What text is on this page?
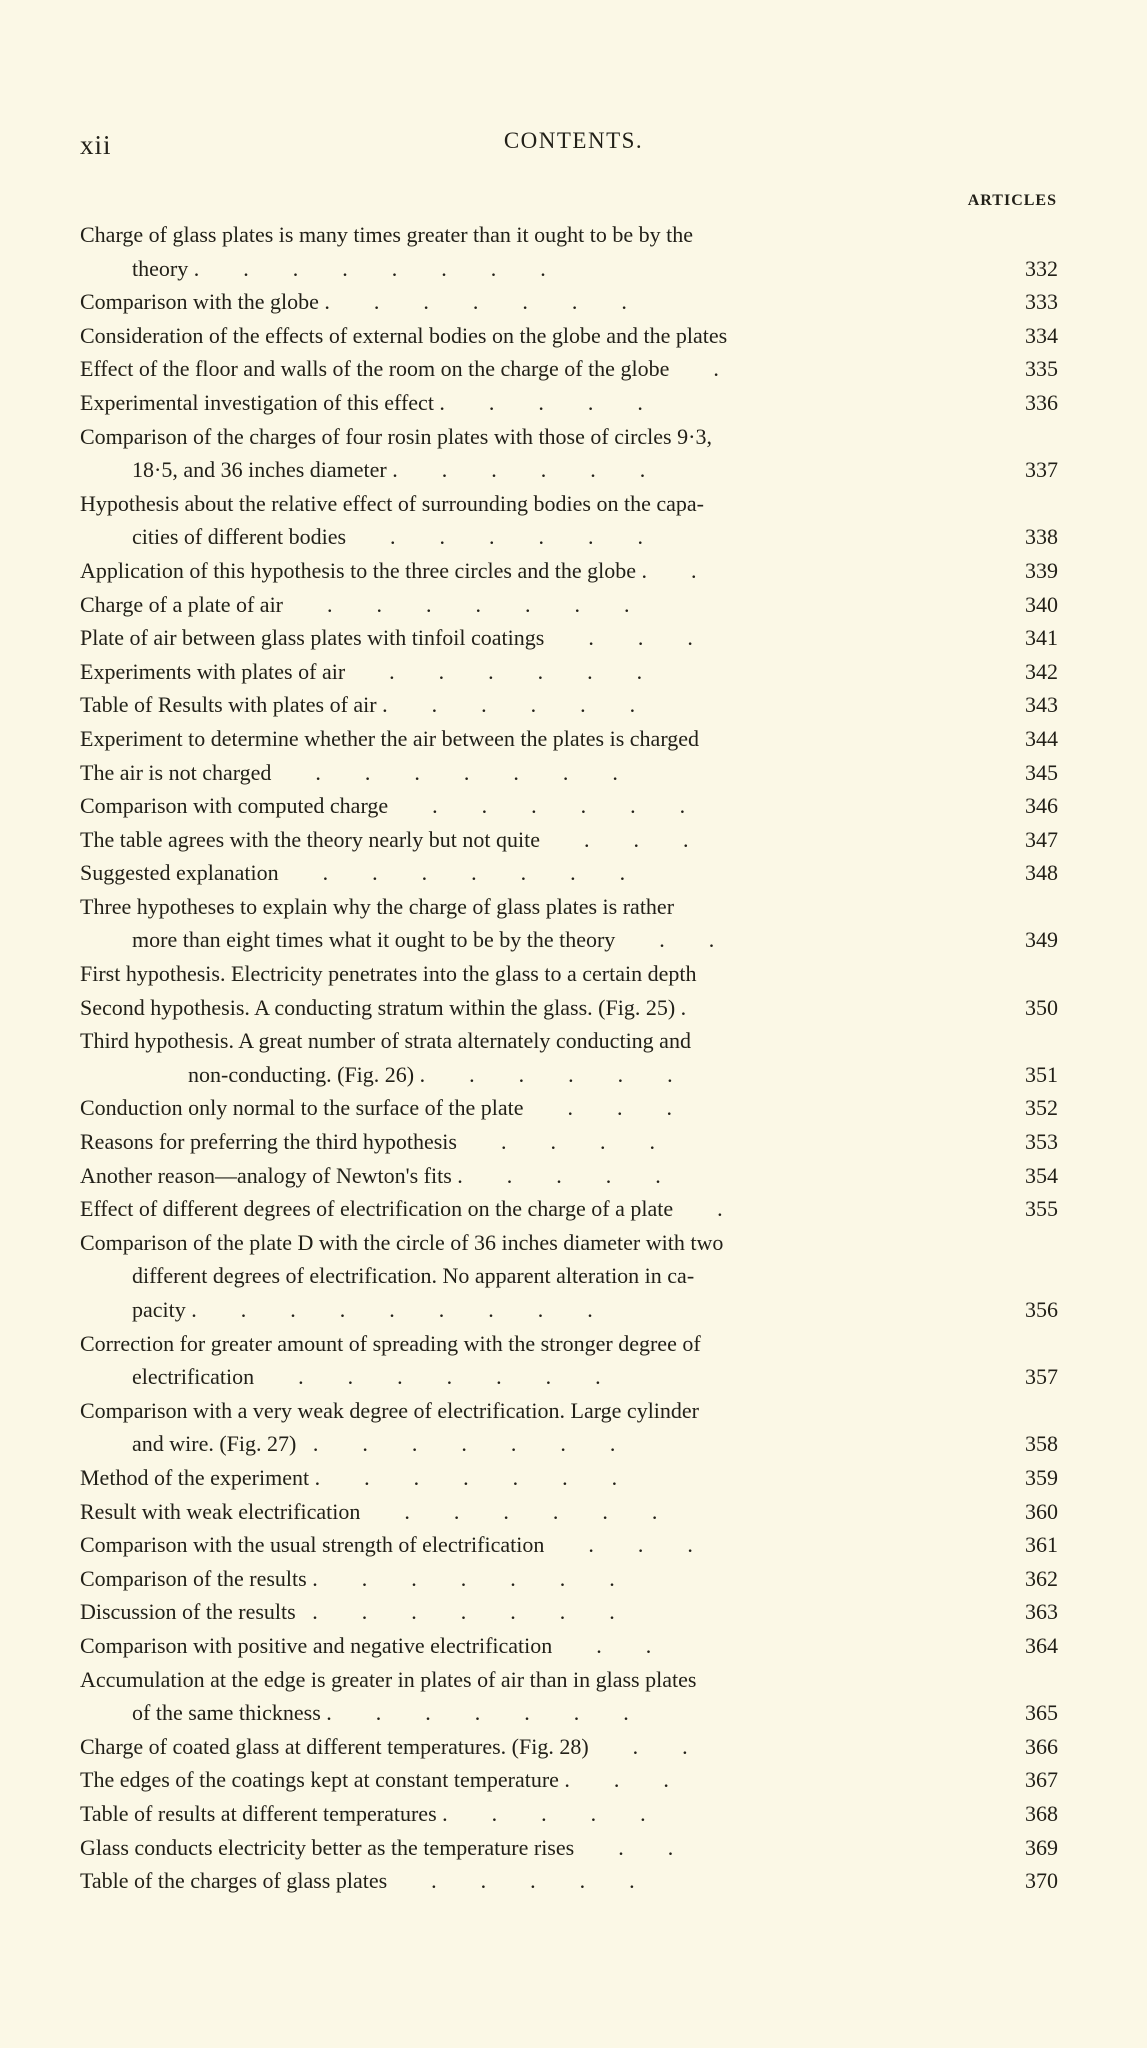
xii	CONTENTS.
ARTICLES
Charge of glass plates is many times greater than it ought to be by the
theory .        .        .        .        .        .        .        .	332
Comparison with the globe .        .        .        .        .        .        .	333
Consideration of the effects of external bodies on the globe and the plates	334
Effect of the floor and walls of the room on the charge of the globe        .	335
Experimental investigation of this effect .        .        .        .        .	336
Comparison of the charges of four rosin plates with those of circles 9·3,
18·5, and 36 inches diameter .        .        .        .        .        .	337
Hypothesis about the relative effect of surrounding bodies on the capa-
cities of different bodies        .        .        .        .        .        .	338
Application of this hypothesis to the three circles and the globe .        .	339
Charge of a plate of air        .        .        .        .        .        .        .	340
Plate of air between glass plates with tinfoil coatings        .        .        .	341
Experiments with plates of air        .        .        .        .        .        .	342
Table of Results with plates of air .        .        .        .        .        .	343
Experiment to determine whether the air between the plates is charged	344
The air is not charged        .        .        .        .        .        .        .	345
Comparison with computed charge        .        .        .        .        .        .	346
The table agrees with the theory nearly but not quite        .        .        .	347
Suggested explanation        .        .        .        .        .        .        .	348
Three hypotheses to explain why the charge of glass plates is rather
more than eight times what it ought to be by the theory        .        .	349
First hypothesis. Electricity penetrates into the glass to a certain depth
Second hypothesis. A conducting stratum within the glass. (Fig. 25) .	350
Third hypothesis. A great number of strata alternately conducting and
non-conducting. (Fig. 26) .        .        .        .        .        .	351
Conduction only normal to the surface of the plate        .        .        .	352
Reasons for preferring the third hypothesis        .        .        .        .	353
Another reason—analogy of Newton's fits .        .        .        .        .	354
Effect of different degrees of electrification on the charge of a plate        .	355
Comparison of the plate D with the circle of 36 inches diameter with two
different degrees of electrification. No apparent alteration in ca-
pacity .        .        .        .        .        .        .        .        .	356
Correction for greater amount of spreading with the stronger degree of
electrification        .        .        .        .        .        .        .	357
Comparison with a very weak degree of electrification. Large cylinder
and wire. (Fig. 27)   .        .        .        .        .        .        .	358
Method of the experiment .        .        .        .        .        .        .	359
Result with weak electrification        .        .        .        .        .        .	360
Comparison with the usual strength of electrification        .        .        .	361
Comparison of the results .        .        .        .        .        .        .	362
Discussion of the results   .        .        .        .        .        .        .	363
Comparison with positive and negative electrification        .        .	364
Accumulation at the edge is greater in plates of air than in glass plates
of the same thickness .        .        .        .        .        .        .	365
Charge of coated glass at different temperatures. (Fig. 28)        .        .	366
The edges of the coatings kept at constant temperature .        .        .	367
Table of results at different temperatures .        .        .        .        .	368
Glass conducts electricity better as the temperature rises        .        .	369
Table of the charges of glass plates        .        .        .        .        .	370
